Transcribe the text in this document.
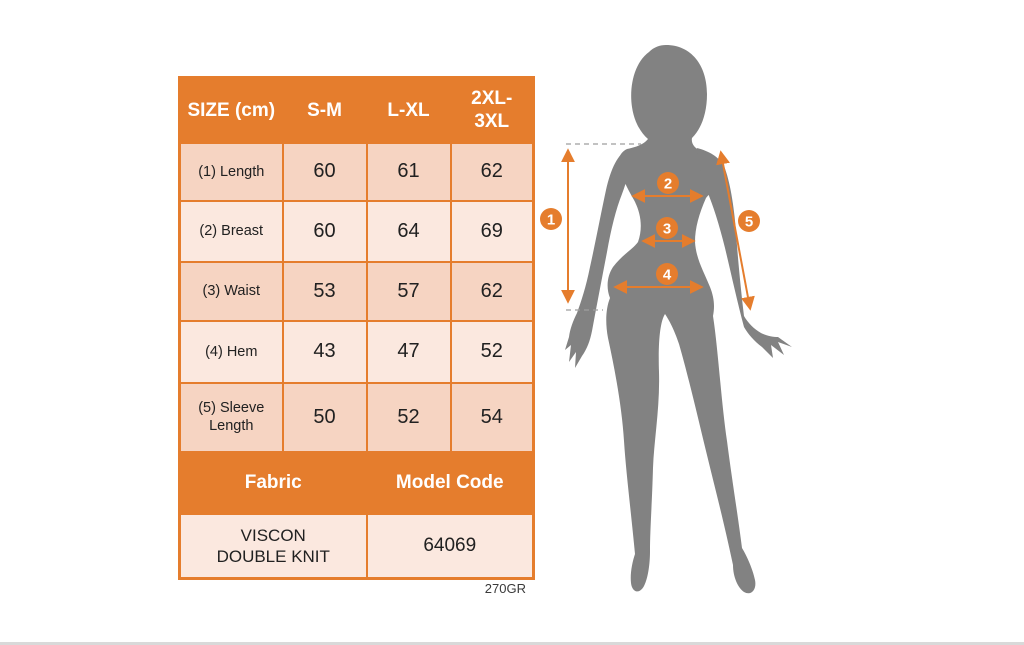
SIZE (cm)	S-M	L-XL	2XL-3XL
(1) Length	60	61	62
(2) Breast	60	64	69
(3) Waist	53	57	62
(4) Hem	43	47	52
(5) Sleeve Length	50	52	54
Fabric		Model Code	
VISCON DOUBLE KNIT		64069	
270GR
1
2
3
4
5
